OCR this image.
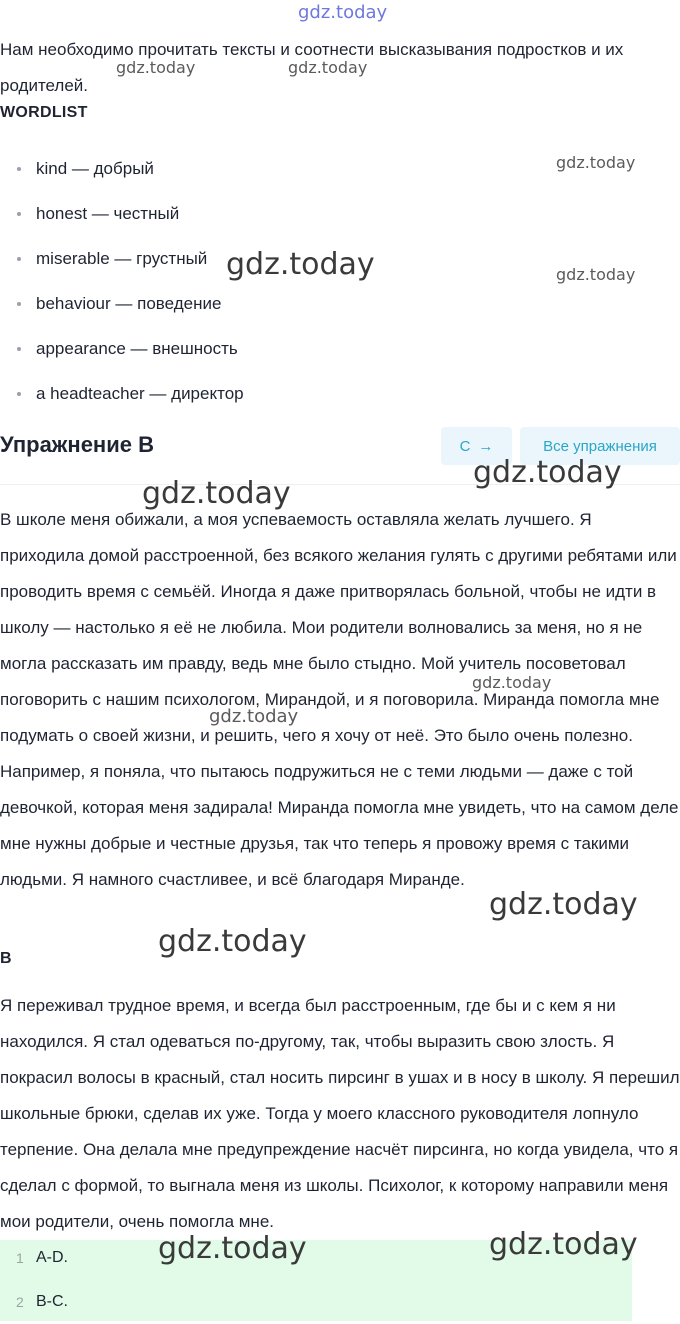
gdz.today
gdz.today	gdz.today
gdz.today
gdz.today	gdz.today
gdz.today
gdz.today
gdz.today
gdz.today
gdz.today
gdz.today
gdz.today	gdz.today

Нам необходимо прочитать тексты и соотнести высказывания подростков и их родителей.

WORDLIST
kind — добрый
honest — честный
miserable — грустный
behaviour — поведение
appearance — внешность
a headteacher — директор
Упражнение B	C →	Все упражнения

В школе меня обижали, а моя успеваемость оставляла желать лучшего. Я приходила домой расстроенной, без всякого желания гулять с другими ребятами или проводить время с семьёй. Иногда я даже притворялась больной, чтобы не идти в школу — настолько я её не любила. Мои родители волновались за меня, но я не могла рассказать им правду, ведь мне было стыдно. Мой учитель посоветовал поговорить с нашим психологом, Мирандой, и я поговорила. Миранда помогла мне подумать о своей жизни, и решить, чего я хочу от неё. Это было очень полезно. Например, я поняла, что пытаюсь подружиться не с теми людьми — даже с той девочкой, которая меня задирала! Миранда помогла мне увидеть, что на самом деле мне нужны добрые и честные друзья, так что теперь я провожу время с такими людьми. Я намного счастливее, и всё благодаря Миранде.

B

Я переживал трудное время, и всегда был расстроенным, где бы и с кем я ни находился. Я стал одеваться по-другому, так, чтобы выразить свою злость. Я покрасил волосы в красный, стал носить пирсинг в ушах и в носу в школу. Я перешил школьные брюки, сделав их уже. Тогда у моего классного руководителя лопнуло терпение. Она делала мне предупреждение насчёт пирсинга, но когда увидела, что я сделал с формой, то выгнала меня из школы. Психолог, к которому направили меня мои родители, очень помогла мне.

1 A-D.
2 B-C.
